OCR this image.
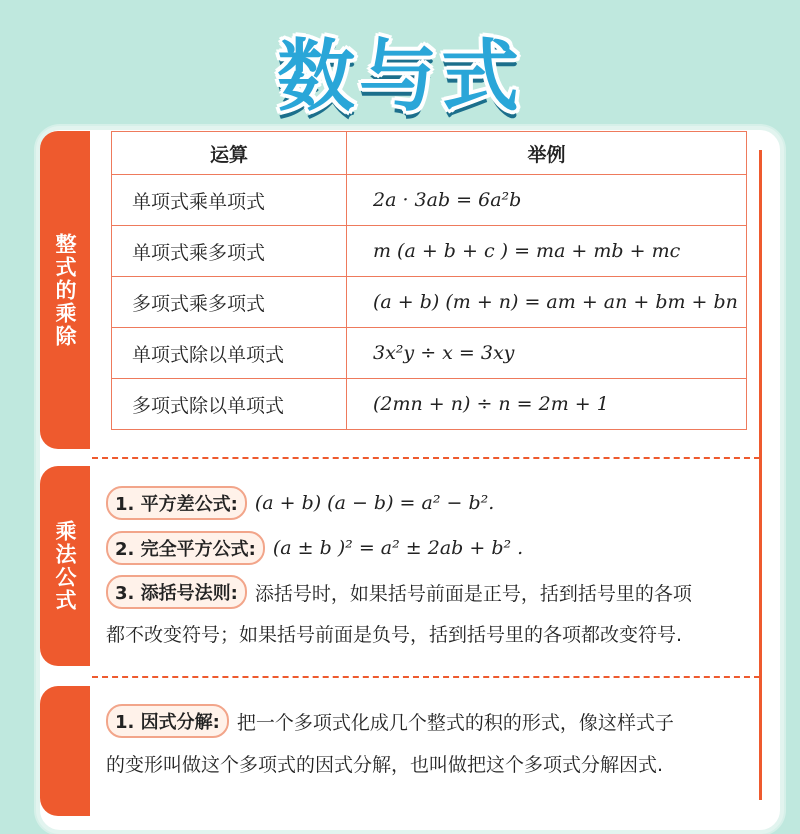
数与式
整式的乘除
运算	举例
单项式乘单项式	2a · 3ab = 6a²b
单项式乘多项式	m (a + b + c ) = ma + mb + mc
多项式乘多项式	(a + b) (m + n) = am + an + bm + bn
单项式除以单项式	3x²y ÷ x = 3xy
多项式除以单项式	(2mn + n) ÷ n = 2m + 1
乘法公式
1. 平方差公式: (a + b) (a − b) = a² − b².
2. 完全平方公式: (a ± b )² = a² ± 2ab + b² .
3. 添括号法则: 添括号时，如果括号前面是正号，括到括号里的各项
都不改变符号；如果括号前面是负号，括到括号里的各项都改变符号.
1. 因式分解: 把一个多项式化成几个整式的积的形式，像这样式子
的变形叫做这个多项式的因式分解，也叫做把这个多项式分解因式.
